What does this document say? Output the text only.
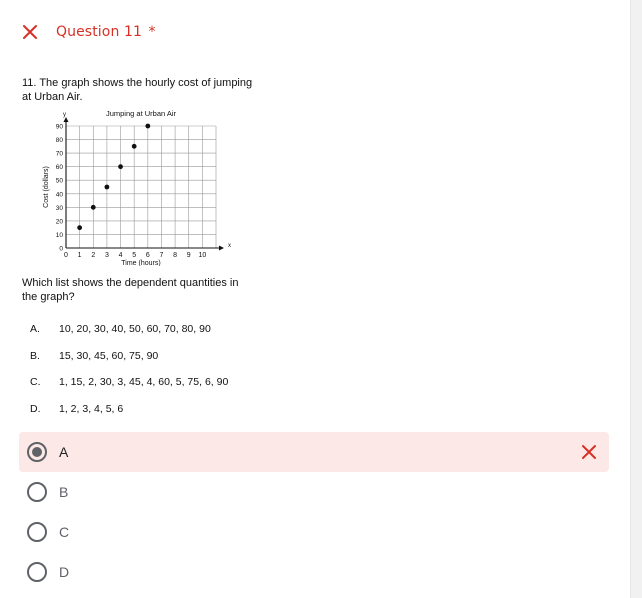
Question 11 *
11. The graph shows the hourly cost of jumping at Urban Air.
x
y	Jumping at Urban Air
0 1 2 3 4 5 6 7 8 9 10
0
10
20
30
40
50
60
70
80
90
Time (hours)
Cost (dollars)
Which list shows the dependent quantities in the graph?
A.	10, 20, 30, 40, 50, 60, 70, 80, 90
B.	15, 30, 45, 60, 75, 90
C.	1, 15, 2, 30, 3, 45, 4, 60, 5, 75, 6, 90
D.	1, 2, 3, 4, 5, 6
A
B
C
D
